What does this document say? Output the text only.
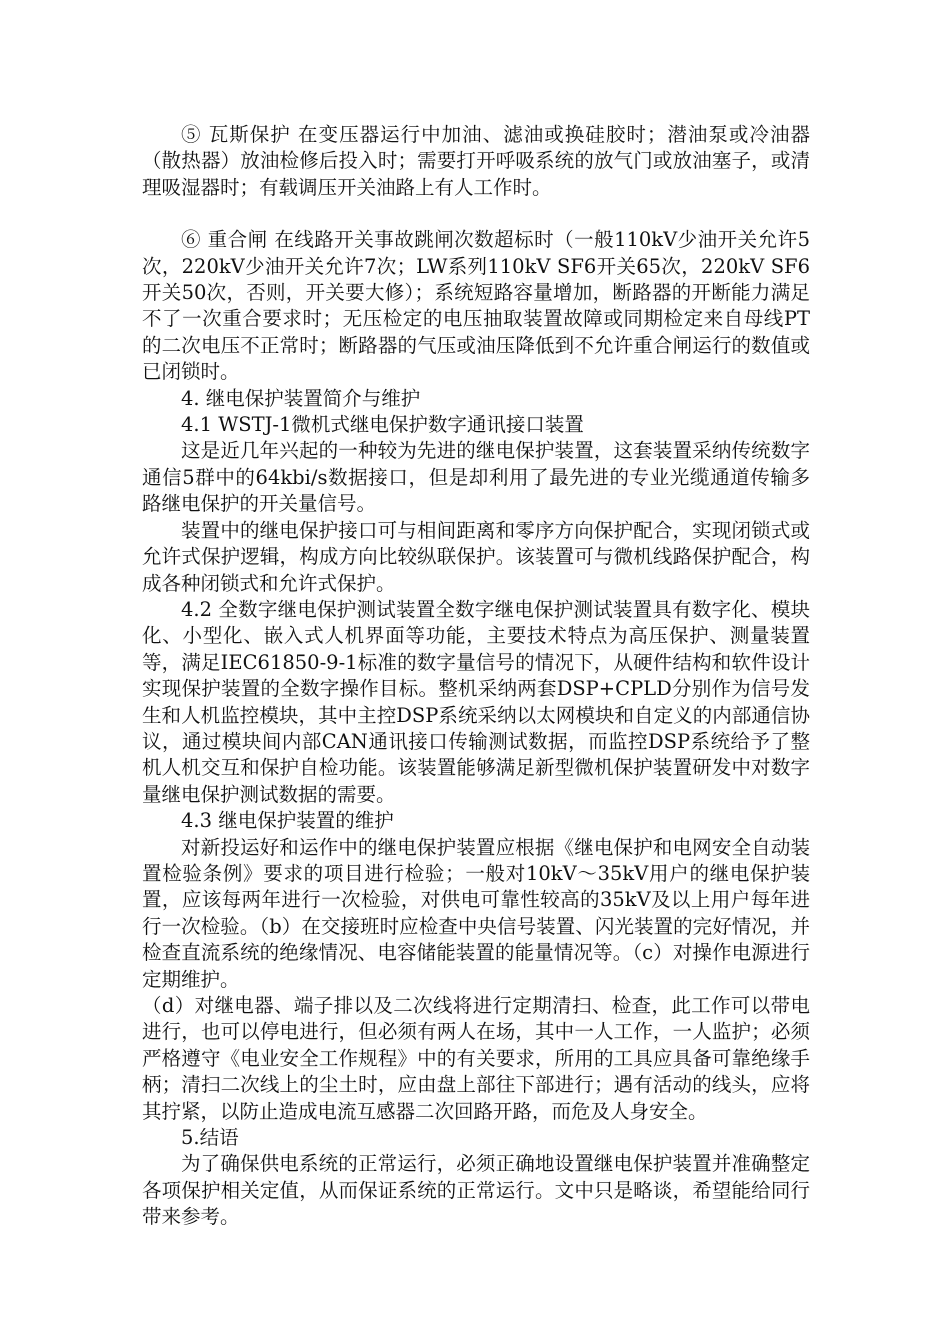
⑤ 瓦斯保护 在变压器运行中加油、滤油或换硅胶时；潜油泵或冷油器（散热器）放油检修后投入时；需要打开呼吸系统的放气门或放油塞子，或清理吸湿器时；有载调压开关油路上有人工作时。

⑥ 重合闸 在线路开关事故跳闸次数超标时（一般110kV少油开关允许5次，220kV少油开关允许7次；LW系列110kV SF6开关65次，220kV SF6开关50次，否则，开关要大修）；系统短路容量增加，断路器的开断能力满足不了一次重合要求时；无压检定的电压抽取装置故障或同期检定来自母线PT的二次电压不正常时；断路器的气压或油压降低到不允许重合闸运行的数值或已闭锁时。

4. 继电保护装置简介与维护

4.1 WSTJ-1微机式继电保护数字通讯接口装置

这是近几年兴起的一种较为先进的继电保护装置，这套装置采纳传统数字通信5群中的64kbi/s数据接口，但是却利用了最先进的专业光缆通道传输多路继电保护的开关量信号。

装置中的继电保护接口可与相间距离和零序方向保护配合，实现闭锁式或允许式保护逻辑，构成方向比较纵联保护。该装置可与微机线路保护配合，构成各种闭锁式和允许式保护。

4.2 全数字继电保护测试装置全数字继电保护测试装置具有数字化、模块化、小型化、嵌入式人机界面等功能，主要技术特点为高压保护、测量装置等，满足IEC61850-9-1标准的数字量信号的情况下，从硬件结构和软件设计实现保护装置的全数字操作目标。整机采纳两套DSP+CPLD分别作为信号发生和人机监控模块，其中主控DSP系统采纳以太网模块和自定义的内部通信协议，通过模块间内部CAN通讯接口传输测试数据，而监控DSP系统给予了整机人机交互和保护自检功能。该装置能够满足新型微机保护装置研发中对数字量继电保护测试数据的需要。

4.3 继电保护装置的维护

对新投运好和运作中的继电保护装置应根据《继电保护和电网安全自动装置检验条例》要求的项目进行检验；一般对10kV～35kV用户的继电保护装置，应该每两年进行一次检验，对供电可靠性较高的35kV及以上用户每年进行一次检验。（b）在交接班时应检查中央信号装置、闪光装置的完好情况，并检查直流系统的绝缘情况、电容储能装置的能量情况等。（c）对操作电源进行定期维护。

（d）对继电器、端子排以及二次线将进行定期清扫、检查，此工作可以带电进行，也可以停电进行，但必须有两人在场，其中一人工作，一人监护；必须严格遵守《电业安全工作规程》中的有关要求，所用的工具应具备可靠绝缘手柄；清扫二次线上的尘土时，应由盘上部往下部进行；遇有活动的线头，应将其拧紧，以防止造成电流互感器二次回路开路，而危及人身安全。

5.结语

为了确保供电系统的正常运行，必须正确地设置继电保护装置并准确整定各项保护相关定值，从而保证系统的正常运行。文中只是略谈，希望能给同行带来参考。
